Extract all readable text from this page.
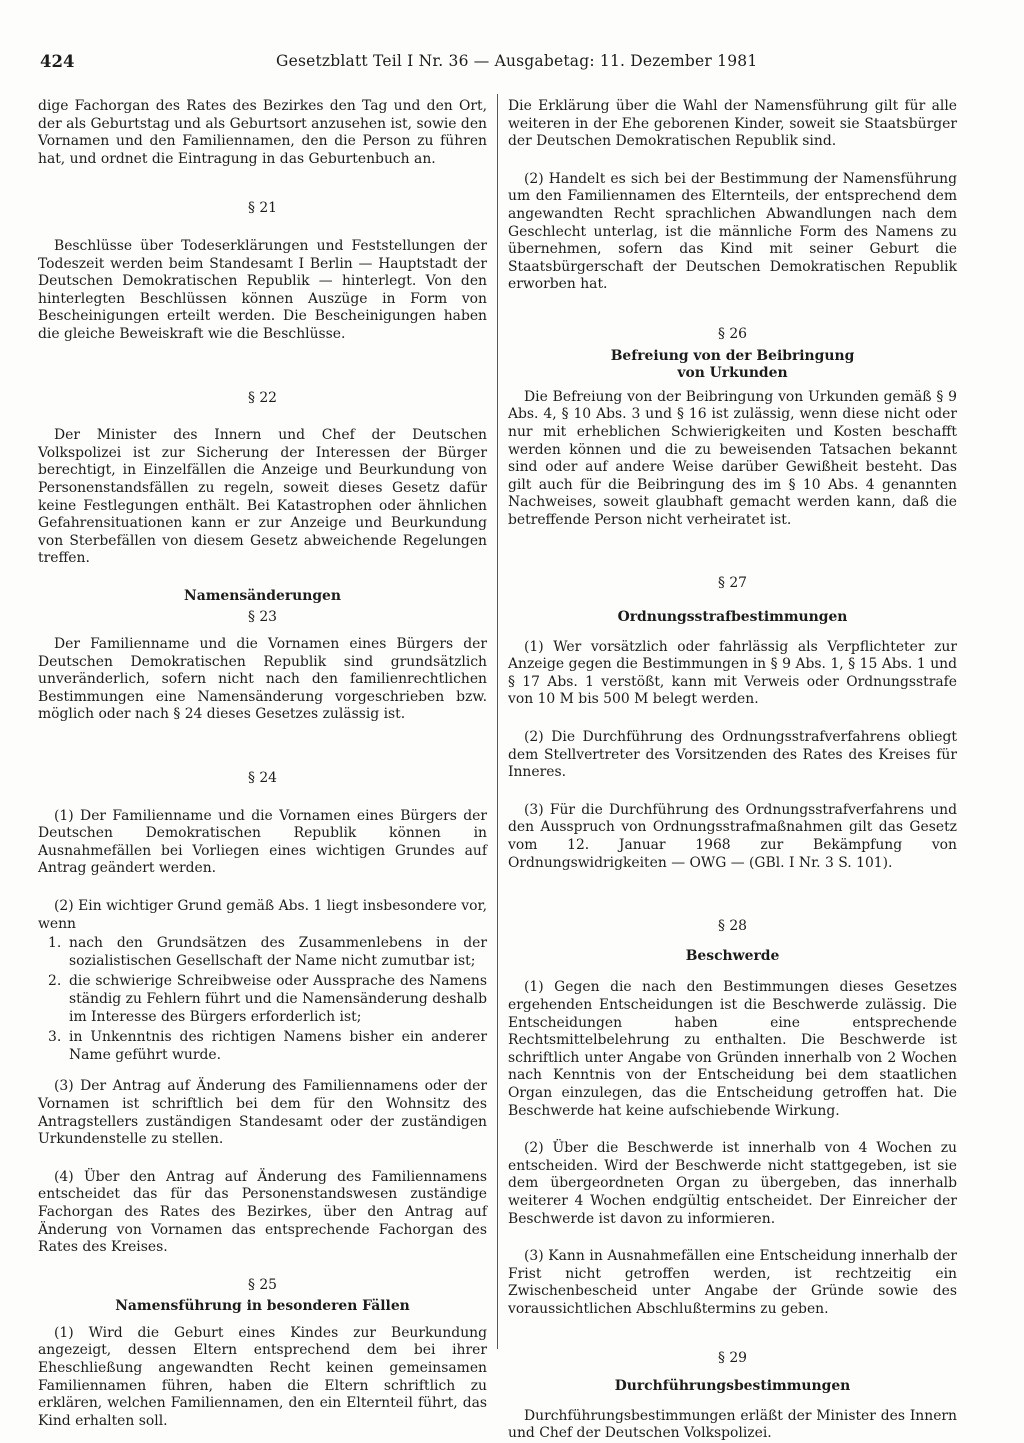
424	Gesetzblatt Teil I Nr. 36 — Ausgabetag: 11. Dezember 1981

dige Fachorgan des Rates des Bezirkes den Tag und den Ort, der als Geburtstag und als Geburtsort anzusehen ist, sowie den Vornamen und den Familiennamen, den die Person zu führen hat, und ordnet die Eintragung in das Geburtenbuch an.

§ 21

Beschlüsse über Todeserklärungen und Feststellungen der Todeszeit werden beim Standesamt I Berlin — Hauptstadt der Deutschen Demokratischen Republik — hinterlegt. Von den hinterlegten Beschlüssen können Auszüge in Form von Bescheinigungen erteilt werden. Die Bescheinigungen haben die gleiche Beweiskraft wie die Beschlüsse.

§ 22

Der Minister des Innern und Chef der Deutschen Volkspolizei ist zur Sicherung der Interessen der Bürger berechtigt, in Einzelfällen die Anzeige und Beurkundung von Personenstandsfällen zu regeln, soweit dieses Gesetz dafür keine Festlegungen enthält. Bei Katastrophen oder ähnlichen Gefahrensituationen kann er zur Anzeige und Beurkundung von Sterbefällen von diesem Gesetz abweichende Regelungen treffen.

Namensänderungen

§ 23

Der Familienname und die Vornamen eines Bürgers der Deutschen Demokratischen Republik sind grundsätzlich unveränderlich, sofern nicht nach den familienrechtlichen Bestimmungen eine Namensänderung vorgeschrieben bzw. möglich oder nach § 24 dieses Gesetzes zulässig ist.

§ 24

(1) Der Familienname und die Vornamen eines Bürgers der Deutschen Demokratischen Republik können in Ausnahmefällen bei Vorliegen eines wichtigen Grundes auf Antrag geändert werden.

(2) Ein wichtiger Grund gemäß Abs. 1 liegt insbesondere vor, wenn

1. nach den Grundsätzen des Zusammenlebens in der sozialistischen Gesellschaft der Name nicht zumutbar ist;
2. die schwierige Schreibweise oder Aussprache des Namens ständig zu Fehlern führt und die Namensänderung deshalb im Interesse des Bürgers erforderlich ist;
3. in Unkenntnis des richtigen Namens bisher ein anderer Name geführt wurde.

(3) Der Antrag auf Änderung des Familiennamens oder der Vornamen ist schriftlich bei dem für den Wohnsitz des Antragstellers zuständigen Standesamt oder der zuständigen Urkundenstelle zu stellen.

(4) Über den Antrag auf Änderung des Familiennamens entscheidet das für das Personenstandswesen zuständige Fachorgan des Rates des Bezirkes, über den Antrag auf Änderung von Vornamen das entsprechende Fachorgan des Rates des Kreises.

§ 25

Namensführung in besonderen Fällen

(1) Wird die Geburt eines Kindes zur Beurkundung angezeigt, dessen Eltern entsprechend dem bei ihrer Eheschließung angewandten Recht keinen gemeinsamen Familiennamen führen, haben die Eltern schriftlich zu erklären, welchen Familiennamen, den ein Elternteil führt, das Kind erhalten soll.

Die Erklärung über die Wahl der Namensführung gilt für alle weiteren in der Ehe geborenen Kinder, soweit sie Staatsbürger der Deutschen Demokratischen Republik sind.

(2) Handelt es sich bei der Bestimmung der Namensführung um den Familiennamen des Elternteils, der entsprechend dem angewandten Recht sprachlichen Abwandlungen nach dem Geschlecht unterlag, ist die männliche Form des Namens zu übernehmen, sofern das Kind mit seiner Geburt die Staatsbürgerschaft der Deutschen Demokratischen Republik erworben hat.

§ 26

Befreiung von der Beibringung

von Urkunden

Die Befreiung von der Beibringung von Urkunden gemäß § 9 Abs. 4, § 10 Abs. 3 und § 16 ist zulässig, wenn diese nicht oder nur mit erheblichen Schwierigkeiten und Kosten beschafft werden können und die zu beweisenden Tatsachen bekannt sind oder auf andere Weise darüber Gewißheit besteht. Das gilt auch für die Beibringung des im § 10 Abs. 4 genannten Nachweises, soweit glaubhaft gemacht werden kann, daß die betreffende Person nicht verheiratet ist.

§ 27

Ordnungsstrafbestimmungen

(1) Wer vorsätzlich oder fahrlässig als Verpflichteter zur Anzeige gegen die Bestimmungen in § 9 Abs. 1, § 15 Abs. 1 und § 17 Abs. 1 verstößt, kann mit Verweis oder Ordnungsstrafe von 10 M bis 500 M belegt werden.

(2) Die Durchführung des Ordnungsstrafverfahrens obliegt dem Stellvertreter des Vorsitzenden des Rates des Kreises für Inneres.

(3) Für die Durchführung des Ordnungsstrafverfahrens und den Ausspruch von Ordnungsstrafmaßnahmen gilt das Gesetz vom 12. Januar 1968 zur Bekämpfung von Ordnungswidrigkeiten — OWG — (GBl. I Nr. 3 S. 101).

§ 28

Beschwerde

(1) Gegen die nach den Bestimmungen dieses Gesetzes ergehenden Entscheidungen ist die Beschwerde zulässig. Die Entscheidungen haben eine entsprechende Rechtsmittelbelehrung zu enthalten. Die Beschwerde ist schriftlich unter Angabe von Gründen innerhalb von 2 Wochen nach Kenntnis von der Entscheidung bei dem staatlichen Organ einzulegen, das die Entscheidung getroffen hat. Die Beschwerde hat keine aufschiebende Wirkung.

(2) Über die Beschwerde ist innerhalb von 4 Wochen zu entscheiden. Wird der Beschwerde nicht stattgegeben, ist sie dem übergeordneten Organ zu übergeben, das innerhalb weiterer 4 Wochen endgültig entscheidet. Der Einreicher der Beschwerde ist davon zu informieren.

(3) Kann in Ausnahmefällen eine Entscheidung innerhalb der Frist nicht getroffen werden, ist rechtzeitig ein Zwischenbescheid unter Angabe der Gründe sowie des voraussichtlichen Abschlußtermins zu geben.

§ 29

Durchführungsbestimmungen

Durchführungsbestimmungen erläßt der Minister des Innern und Chef der Deutschen Volkspolizei.
